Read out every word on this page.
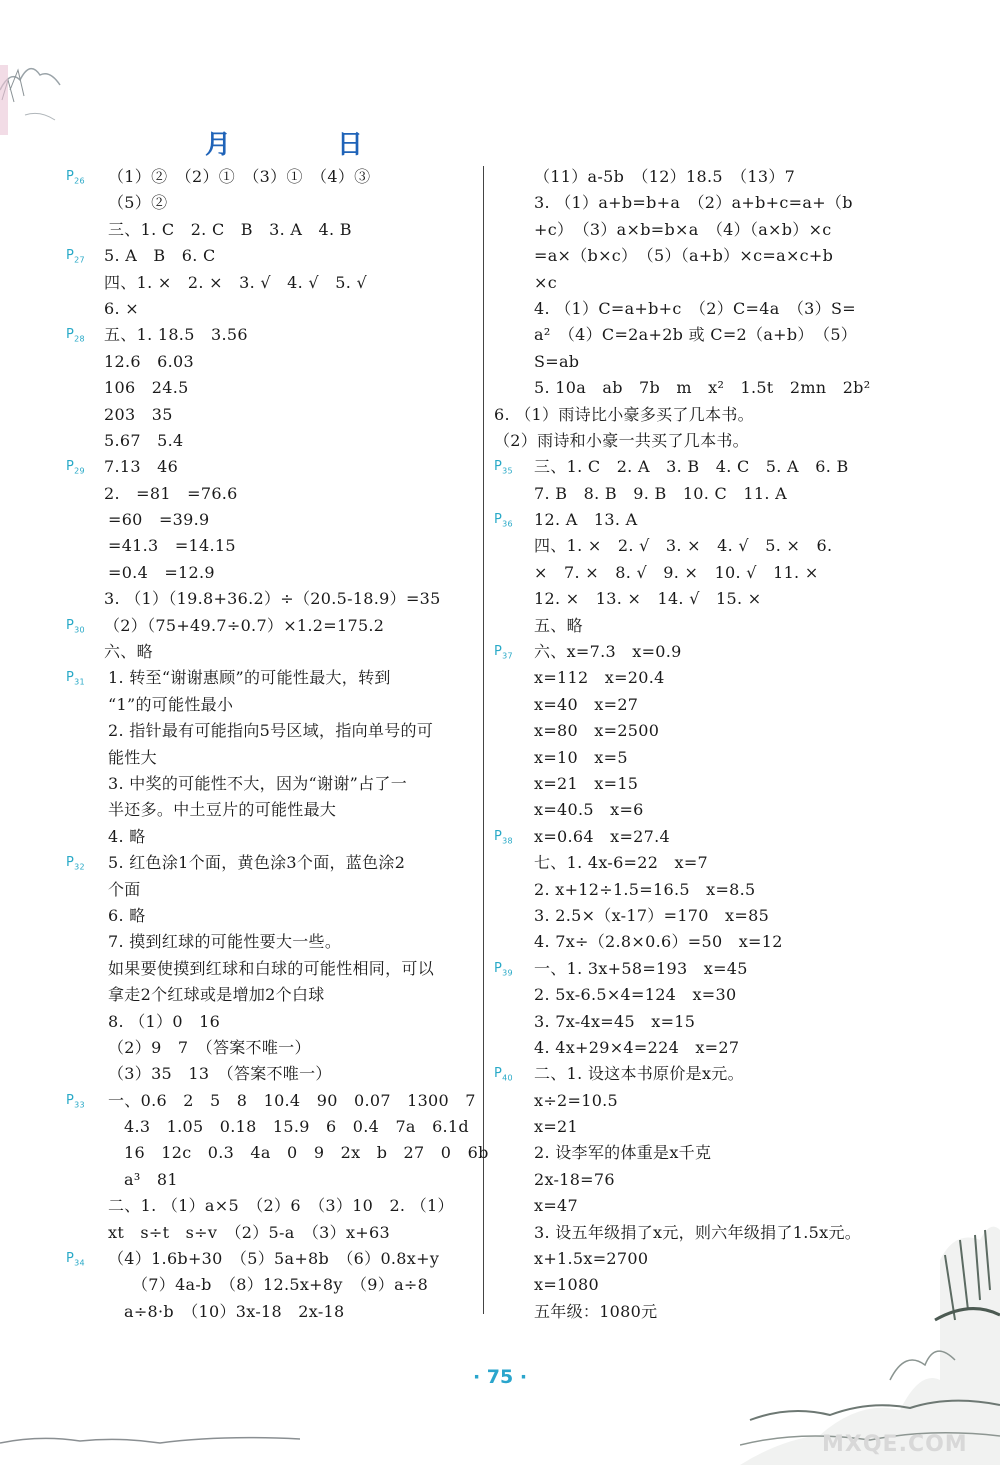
月	日
$P_{26}$ （1）②　（2）①　（3）①　（4）③
（5）②
三、1. C　2. C　B　3. A　4. B
$P_{27}$ 5. A　B　6. C
四、1. ×　2. ×　3. √　4. √　5. √
6. ×
$P_{28}$ 五、1. 18.5　3.56
12.6　6.03
106　24.5
203　35
5.67　5.4
$P_{29}$ 7.13　46
2.　=81　=76.6
=60　=39.9
=41.3　=14.15
=0.4　=12.9
3. （1）（19.8+36.2）÷（20.5-18.9）=35
$P_{30}$ （2）（75+49.7÷0.7）×1.2=175.2
六、略
$P_{31}$ 1. 转至“谢谢惠顾”的可能性最大，转到
“1”的可能性最小
2. 指针最有可能指向5号区域，指向单号的可
能性大
3. 中奖的可能性不大，因为“谢谢”占了一
半还多。中土豆片的可能性最大
4. 略
$P_{32}$ 5. 红色涂1个面，黄色涂3个面，蓝色涂2
个面
6. 略
7. 摸到红球的可能性要大一些。
如果要使摸到红球和白球的可能性相同，可以
拿走2个红球或是增加2个白球
8. （1）0　16
（2）9　7　（答案不唯一）
（3）35　13　（答案不唯一）
$P_{33}$ 一、0.6　2　5　8　10.4　90　0.07　1300　7
4.3　1.05　0.18　15.9　6　0.4　7a　6.1d
16　12c　0.3　4a　0　9　2x　b　27　0　6b
a³　81
二、1. （1）a×5　（2）6　（3）10　2. （1）
xt　s÷t　s÷v　（2）5-a　（3）x+63
$P_{34}$ （4）1.6b+30　（5）5a+8b　（6）0.8x+y
（7）4a-b　（8）12.5x+8y　（9）a÷8
a÷8·b　（10）3x-18　2x-18
（11）a-5b　（12）18.5　（13）7
3. （1）a+b=b+a　（2）a+b+c=a+（b
+c）　（3）a×b=b×a　（4）（a×b）×c
=a×（b×c）　（5）（a+b）×c=a×c+b
×c
4. （1）C=a+b+c　（2）C=4a　（3）S=
a²　（4）C=2a+2b 或 C=2（a+b）　（5）
S=ab
5. 10a　ab　7b　m　x²　1.5t　2mn　2b²
6. （1）雨诗比小豪多买了几本书。
（2）雨诗和小豪一共买了几本书。
$P_{35}$ 三、1. C　2. A　3. B　4. C　5. A　6. B
7. B　8. B　9. B　10. C　11. A
$P_{36}$ 12. A　13. A
四、1. ×　2. √　3. ×　4. √　5. ×　6.
×　7. ×　8. √　9. ×　10. √　11. ×
12. ×　13. ×　14. √　15. ×
五、略
$P_{37}$ 六、x=7.3　x=0.9
x=112　x=20.4
x=40　x=27
x=80　x=2500
x=10　x=5
x=21　x=15
x=40.5　x=6
$P_{38}$ x=0.64　x=27.4
七、1. 4x-6=22　x=7
2. x+12÷1.5=16.5　x=8.5
3. 2.5×（x-17）=170　x=85
4. 7x÷（2.8×0.6）=50　x=12
$P_{39}$ 一、1. 3x+58=193　x=45
2. 5x-6.5×4=124　x=30
3. 7x-4x=45　x=15
4. 4x+29×4=224　x=27
$P_{40}$ 二、1. 设这本书原价是x元。
x÷2=10.5
x=21
2. 设李军的体重是x千克
2x-18=76
x=47
3. 设五年级捐了x元，则六年级捐了1.5x元。
x+1.5x=2700
x=1080
五年级：1080元
· 75 ·
MXQE.COM
